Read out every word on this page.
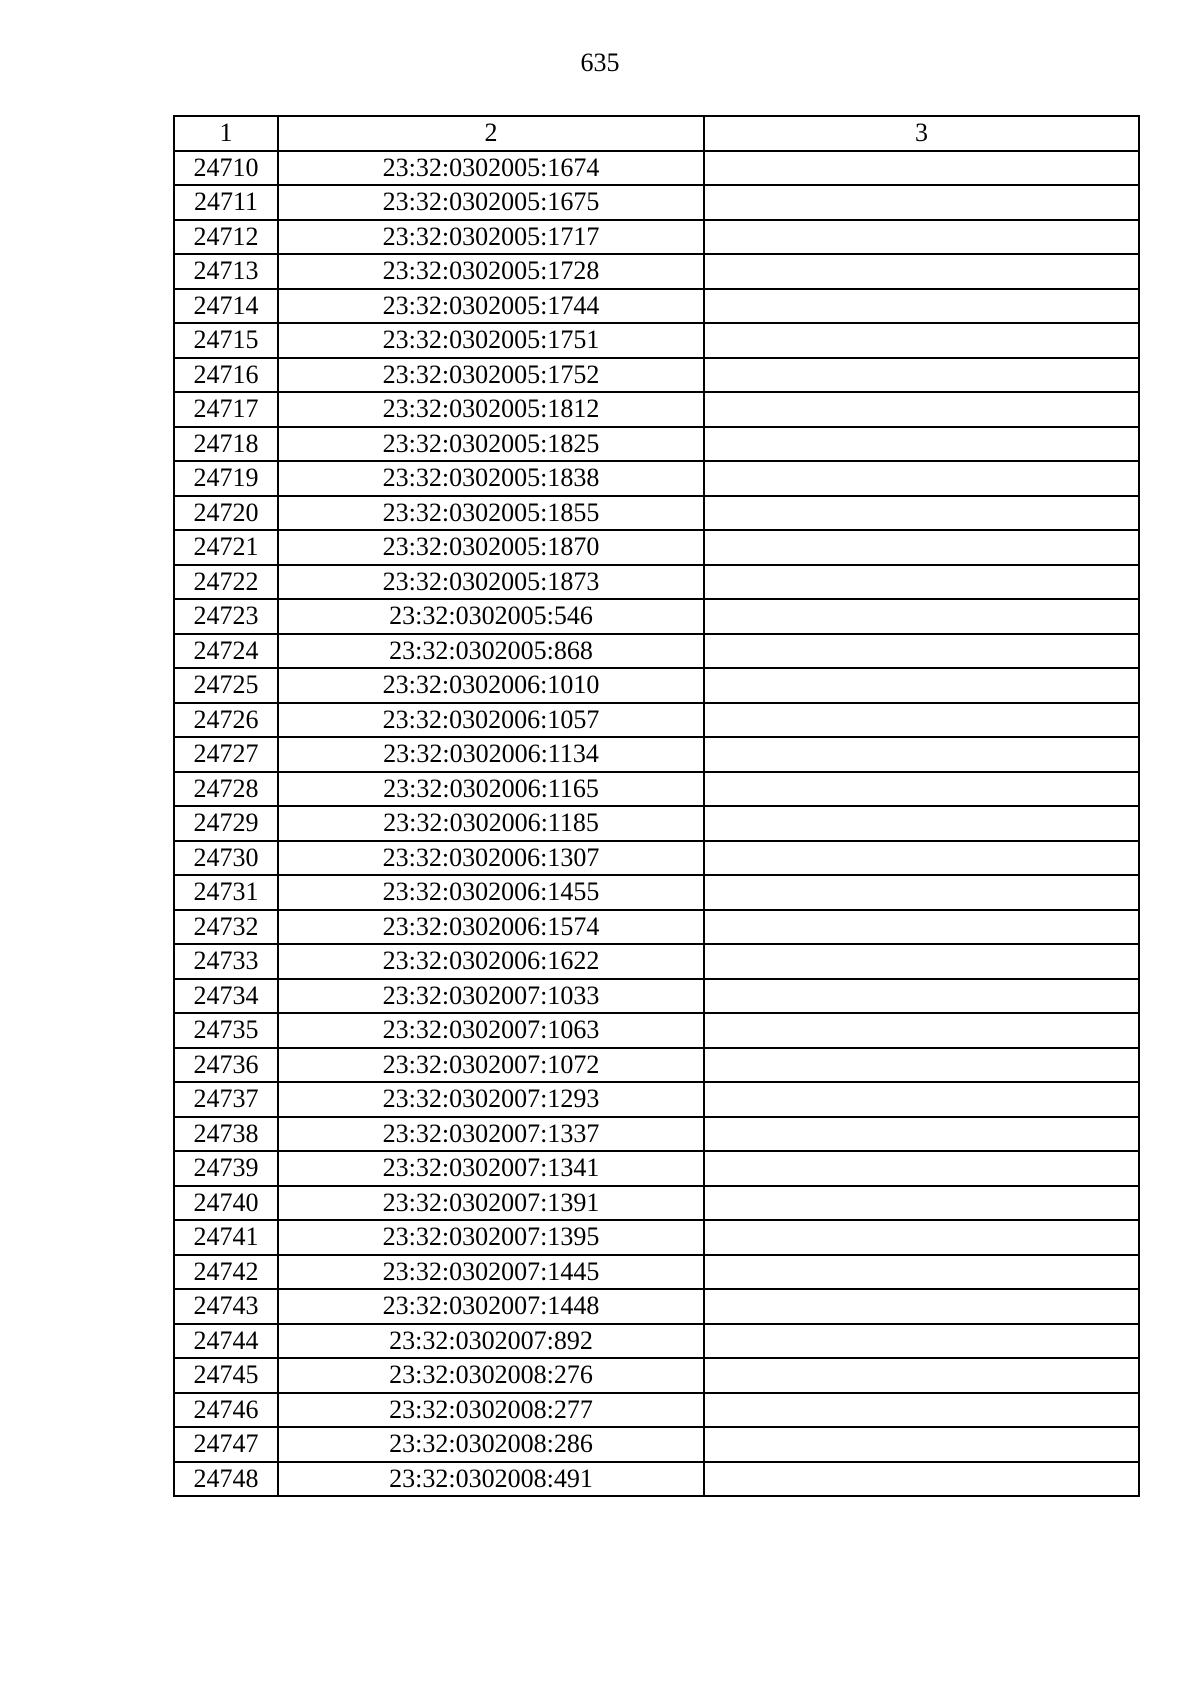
635
1	2	3
24710	23:32:0302005:1674	
24711	23:32:0302005:1675	
24712	23:32:0302005:1717	
24713	23:32:0302005:1728	
24714	23:32:0302005:1744	
24715	23:32:0302005:1751	
24716	23:32:0302005:1752	
24717	23:32:0302005:1812	
24718	23:32:0302005:1825	
24719	23:32:0302005:1838	
24720	23:32:0302005:1855	
24721	23:32:0302005:1870	
24722	23:32:0302005:1873	
24723	23:32:0302005:546	
24724	23:32:0302005:868	
24725	23:32:0302006:1010	
24726	23:32:0302006:1057	
24727	23:32:0302006:1134	
24728	23:32:0302006:1165	
24729	23:32:0302006:1185	
24730	23:32:0302006:1307	
24731	23:32:0302006:1455	
24732	23:32:0302006:1574	
24733	23:32:0302006:1622	
24734	23:32:0302007:1033	
24735	23:32:0302007:1063	
24736	23:32:0302007:1072	
24737	23:32:0302007:1293	
24738	23:32:0302007:1337	
24739	23:32:0302007:1341	
24740	23:32:0302007:1391	
24741	23:32:0302007:1395	
24742	23:32:0302007:1445	
24743	23:32:0302007:1448	
24744	23:32:0302007:892	
24745	23:32:0302008:276	
24746	23:32:0302008:277	
24747	23:32:0302008:286	
24748	23:32:0302008:491	
